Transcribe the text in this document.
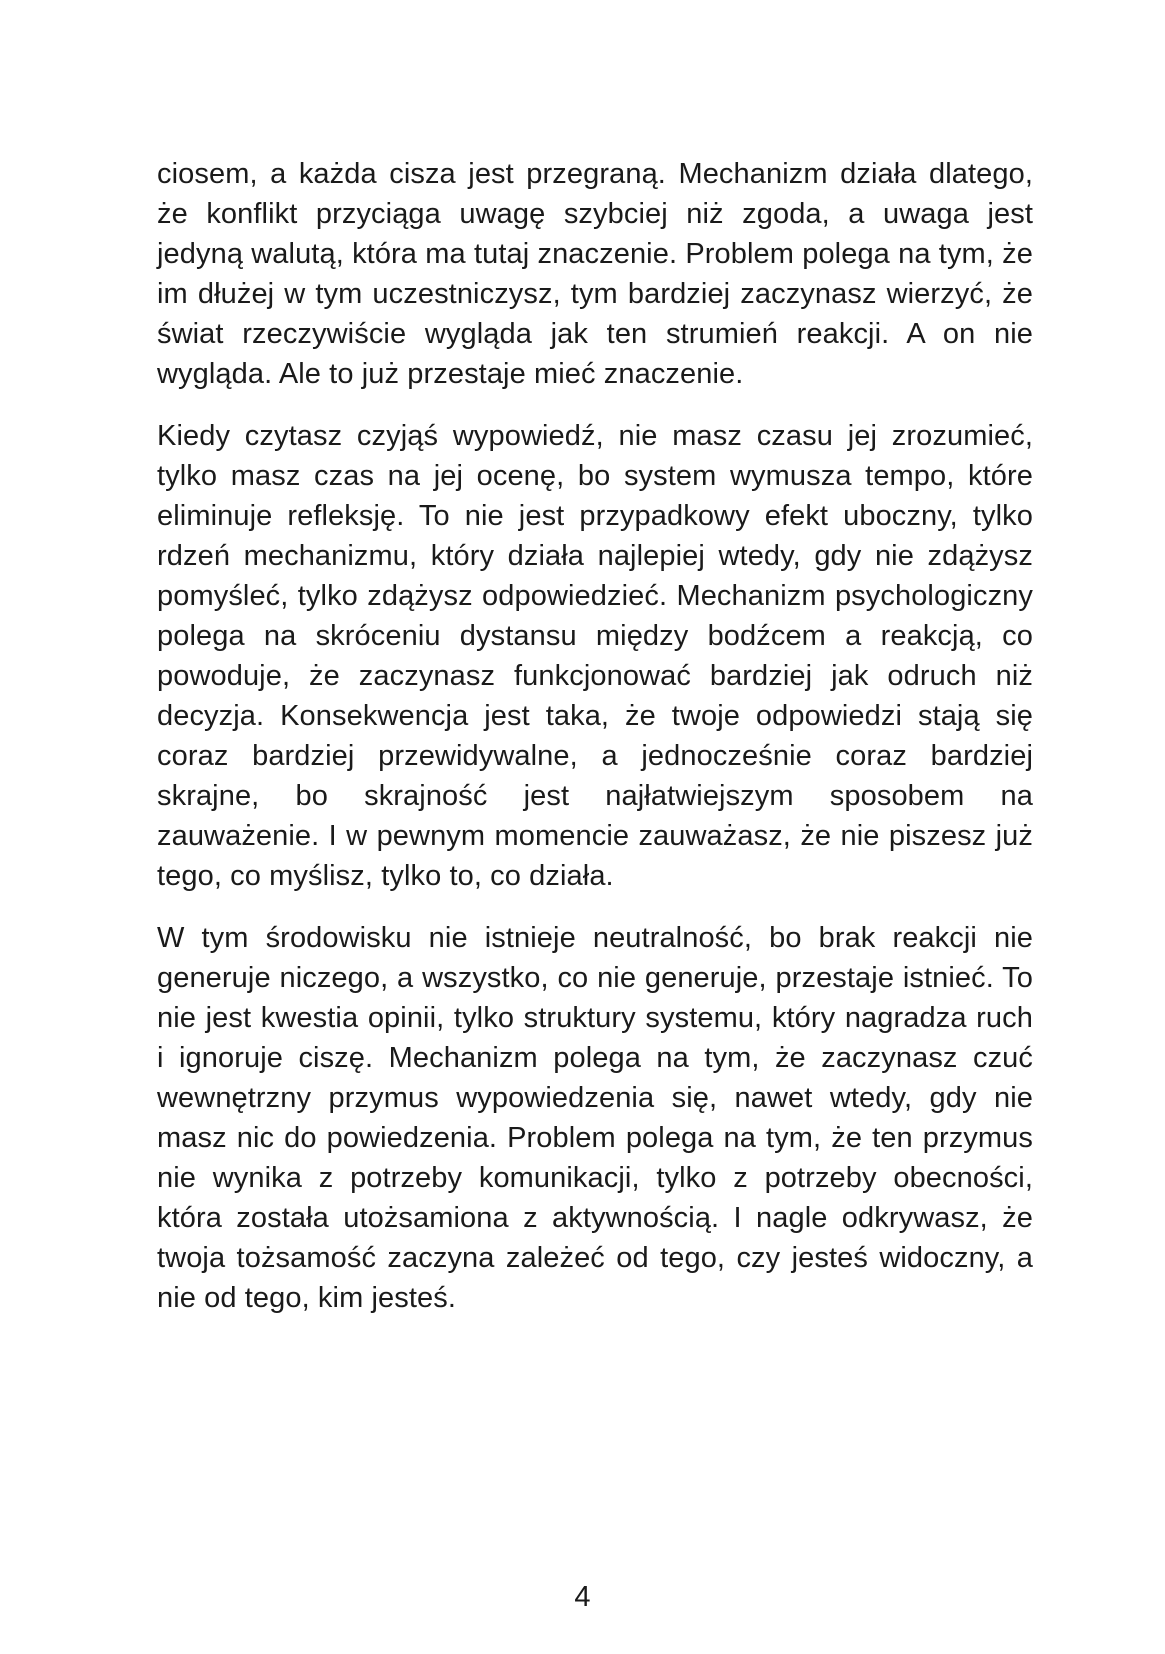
ciosem, a każda cisza jest przegraną. Mechanizm działa dlatego, że konflikt przyciąga uwagę szybciej niż zgoda, a uwaga jest jedyną walutą, która ma tutaj znaczenie. Problem polega na tym, że im dłużej w tym uczestniczysz, tym bardziej zaczynasz wierzyć, że świat rzeczywiście wygląda jak ten strumień reakcji. A on nie wygląda. Ale to już przestaje mieć znaczenie.

Kiedy czytasz czyjąś wypowiedź, nie masz czasu jej zrozumieć, tylko masz czas na jej ocenę, bo system wymusza tempo, które eliminuje refleksję. To nie jest przypadkowy efekt uboczny, tylko rdzeń mechanizmu, który działa najlepiej wtedy, gdy nie zdążysz pomyśleć, tylko zdążysz odpowiedzieć. Mechanizm psychologiczny polega na skróceniu dystansu między bodźcem a reakcją, co powoduje, że zaczynasz funkcjonować bardziej jak odruch niż decyzja. Konsekwencja jest taka, że twoje odpowiedzi stają się coraz bardziej przewidywalne, a jednocześnie coraz bardziej skrajne, bo skrajność jest najłatwiejszym sposobem na zauważenie. I w pewnym momencie zauważasz, że nie piszesz już tego, co myślisz, tylko to, co działa.

W tym środowisku nie istnieje neutralność, bo brak reakcji nie generuje niczego, a wszystko, co nie generuje, przestaje istnieć. To nie jest kwestia opinii, tylko struktury systemu, który nagradza ruch i ignoruje ciszę. Mechanizm polega na tym, że zaczynasz czuć wewnętrzny przymus wypowiedzenia się, nawet wtedy, gdy nie masz nic do powiedzenia. Problem polega na tym, że ten przymus nie wynika z potrzeby komunikacji, tylko z potrzeby obecności, która została utożsamiona z aktywnością. I nagle odkrywasz, że twoja tożsamość zaczyna zależeć od tego, czy jesteś widoczny, a nie od tego, kim jesteś.

4
